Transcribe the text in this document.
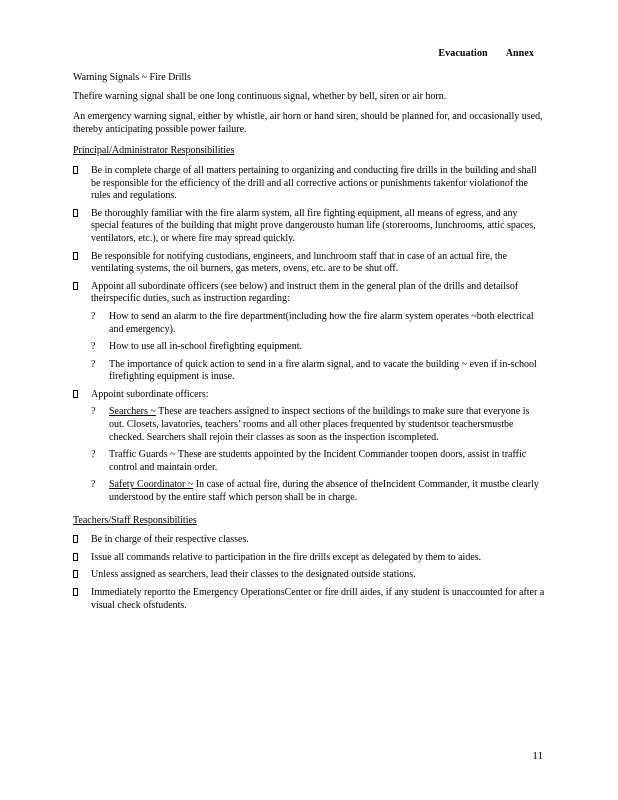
Evacuation Annex

Warning Signals ~ Fire Drills

Thefire warning signal shall be one long continuous signal, whether by bell, siren or air horn.

An emergency warning signal, either by whistle, air horn or hand siren, should be planned for, and occasionally used, thereby anticipating possible power failure.

Principal/Administrator Responsibilities

Be in complete charge of all matters pertaining to organizing and conducting fire drills in the building and shall be responsible for the efficiency of the drill and all corrective actions or punishments takenfor violationof the rules and regulations.
Be thoroughly familiar with the fire alarm system, all fire fighting equipment, all means of egress, and any special features of the building that might prove dangerousto human life (storerooms, lunchrooms, attic spaces, ventilators, etc.), or where fire may spread quickly.
Be responsible for notifying custodians, engineers, and lunchroom staff that in case of an actual fire, the ventilating systems, the oil burners, gas meters, ovens, etc. are to be shut off.
Appoint all subordinate officers (see below) and instruct them in the general plan of the drills and detailsof theirspecific duties, such as instruction regarding:
? How to send an alarm to the fire department(including how the fire alarm system operates ~both electrical and emergency).
? How to use all in-school firefighting equipment.
? The importance of quick action to send in a fire alarm signal, and to vacate the building ~ even if in-school firefighting equipment is inuse.
Appoint subordinate officers:
? Searchers ~ These are teachers assigned to inspect sections of the buildings to make sure that everyone is out. Closets, lavatories, teachers’ rooms and all other places frequented by studentsor teachersmustbe checked. Searchers shall rejoin their classes as soon as the inspection iscompleted.
? Traffic Guards ~ These are students appointed by the Incident Commander toopen doors, assist in traffic control and maintain order.
? Safety Coordinator ~ In case of actual fire, during the absence of theIncident Commander, it mustbe clearly understood by the entire staff which person shall be in charge.

Teachers/Staff Responsibilities

Be in charge of their respective classes.
Issue all commands relative to participation in the fire drills except as delegated by them to aides.
Unless assigned as searchers, lead their classes to the designated outside stations.
Immediately reportto the Emergency OperationsCenter or fire drill aides, if any student is unaccounted for after a visual check ofstudents.
11
